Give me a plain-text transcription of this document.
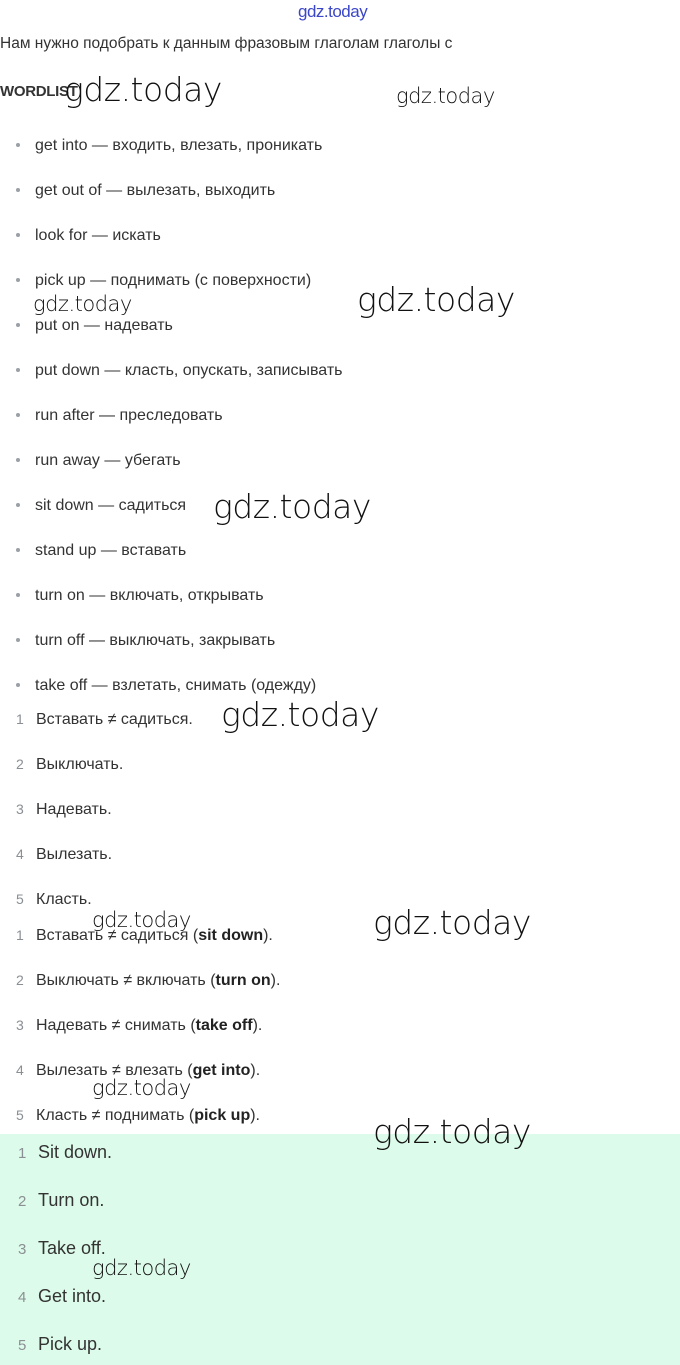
gdz.today
Нам нужно подобрать к данным фразовым глаголам глаголы с
WORDLIST
get into — входить, влезать, проникать
get out of — вылезать, выходить
look for — искать
pick up — поднимать (с поверхности)
put on — надевать
put down — класть, опускать, записывать
run after — преследовать
run away — убегать
sit down — садиться
stand up — вставать
turn on — включать, открывать
turn off — выключать, закрывать
take off — взлетать, снимать (одежду)
1 Вставать ≠ садиться.
2 Выключать.
3 Надевать.
4 Вылезать.
5 Класть.
1 Вставать ≠ садиться (sit down).
2 Выключать ≠ включать (turn on).
3 Надевать ≠ снимать (take off).
4 Вылезать ≠ влезать (get into).
5 Класть ≠ поднимать (pick up).
1 Sit down.
2 Turn on.
3 Take off.
4 Get into.
5 Pick up.
gdz.today	gdz.today
gdz.today
gdz.today
gdz.today
gdz.today
gdz.today
gdz.today
gdz.today
gdz.today
gdz.today
